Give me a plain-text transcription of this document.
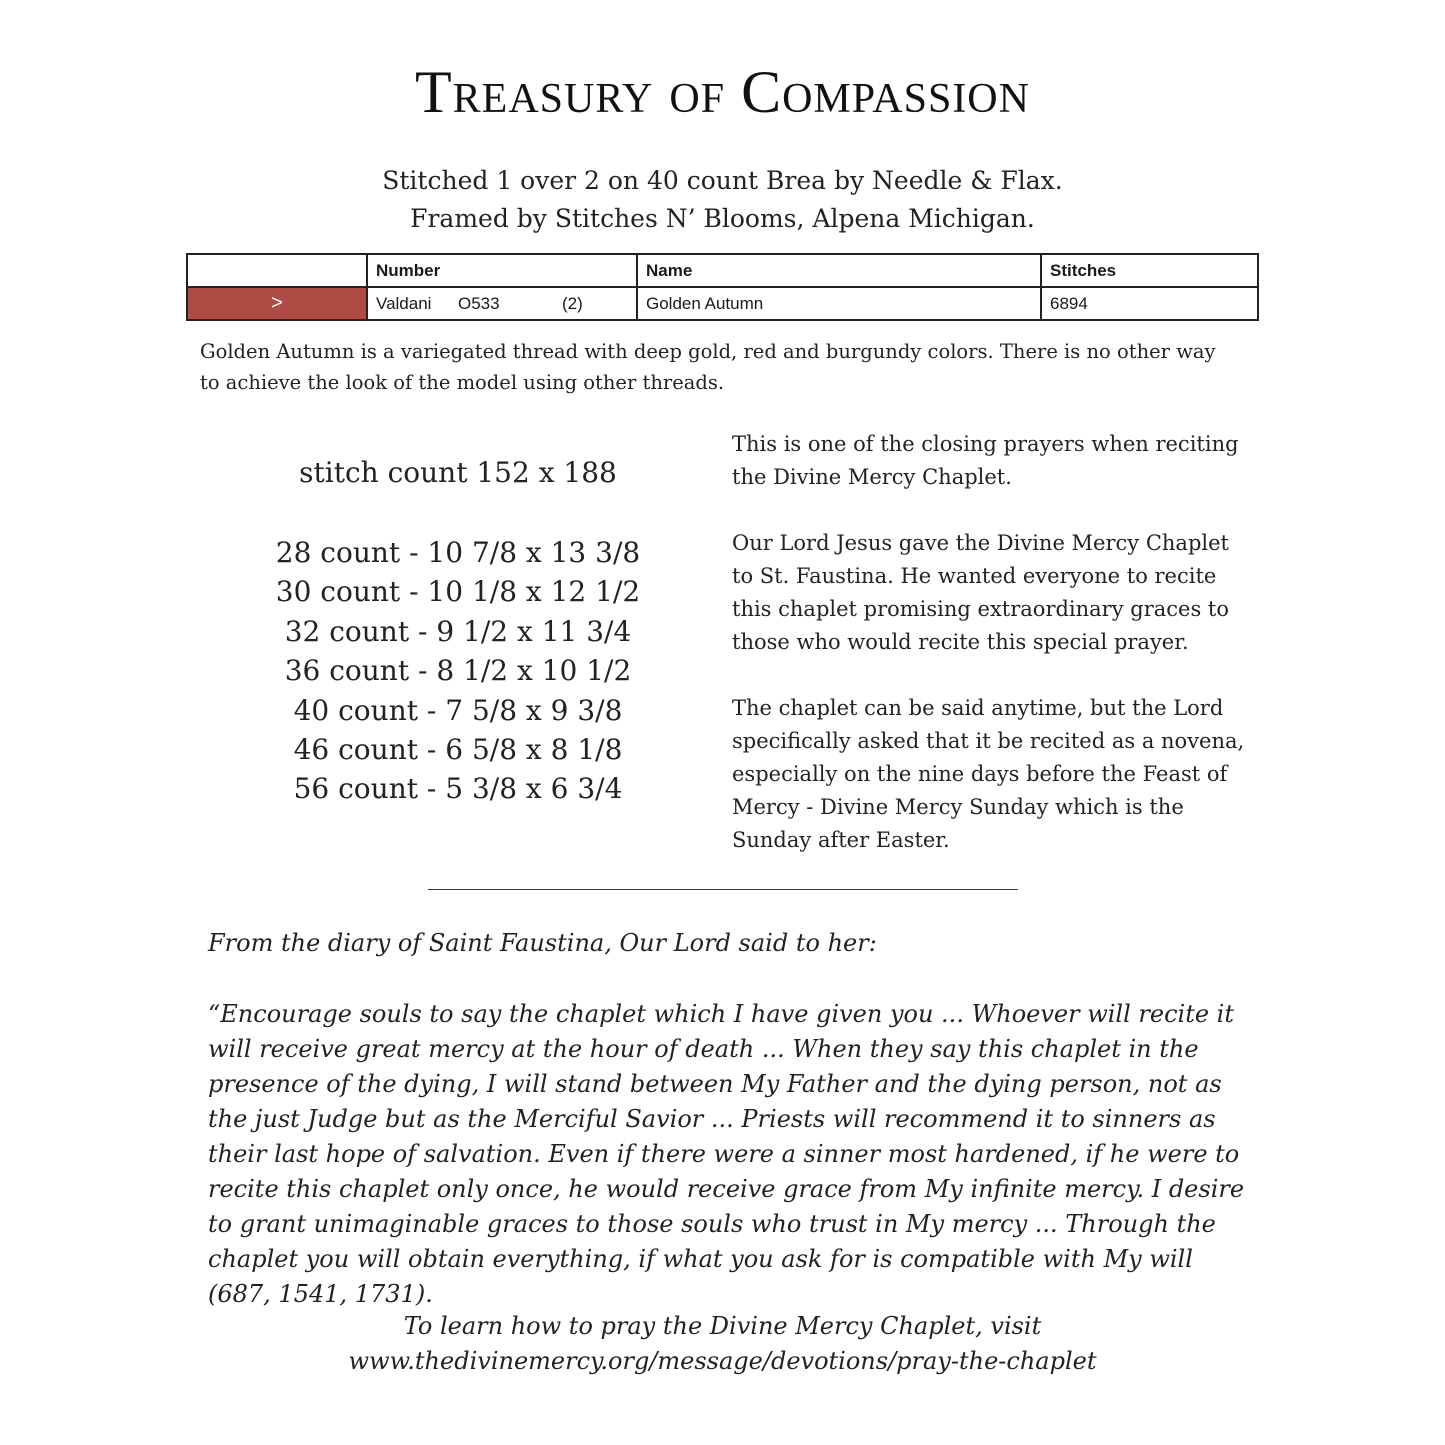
Treasury of Compassion
Stitched 1 over 2 on 40 count Brea by Needle & Flax.
Framed by Stitches N’ Blooms, Alpena Michigan.
	Number	Name	Stitches

>	Valdani O533 (2)	Golden Autumn	6894
Golden Autumn is a variegated thread with deep gold, red and burgundy colors. There is no other way to achieve the look of the model using other threads.
stitch count 152 x 188
28 count - 10 7/8 x 13 3/8
30 count - 10 1/8 x 12 1/2
32 count - 9 1/2 x 11 3/4
36 count - 8 1/2 x 10 1/2
40 count - 7 5/8 x 9 3/8
46 count - 6 5/8 x 8 1/8
56 count - 5 3/8 x 6 3/4

This is one of the closing prayers when reciting the Divine Mercy Chaplet.

Our Lord Jesus gave the Divine Mercy Chaplet to St. Faustina. He wanted everyone to recite this chaplet promising extraordinary graces to those who would recite this special prayer.

The chaplet can be said anytime, but the Lord specifically asked that it be recited as a novena, especially on the nine days before the Feast of Mercy - Divine Mercy Sunday which is the Sunday after Easter.

From the diary of Saint Faustina, Our Lord said to her:
“Encourage souls to say the chaplet which I have given you ... Whoever will recite it will receive great mercy at the hour of death ... When they say this chaplet in the presence of the dying, I will stand between My Father and the dying person, not as the just Judge but as the Merciful Savior ... Priests will recommend it to sinners as their last hope of salvation. Even if there were a sinner most hardened, if he were to recite this chaplet only once, he would receive grace from My infinite mercy. I desire to grant unimaginable graces to those souls who trust in My mercy ... Through the chaplet you will obtain everything, if what you ask for is compatible with My will (687, 1541, 1731).
To learn how to pray the Divine Mercy Chaplet, visit
www.thedivinemercy.org/message/devotions/pray-the-chaplet
